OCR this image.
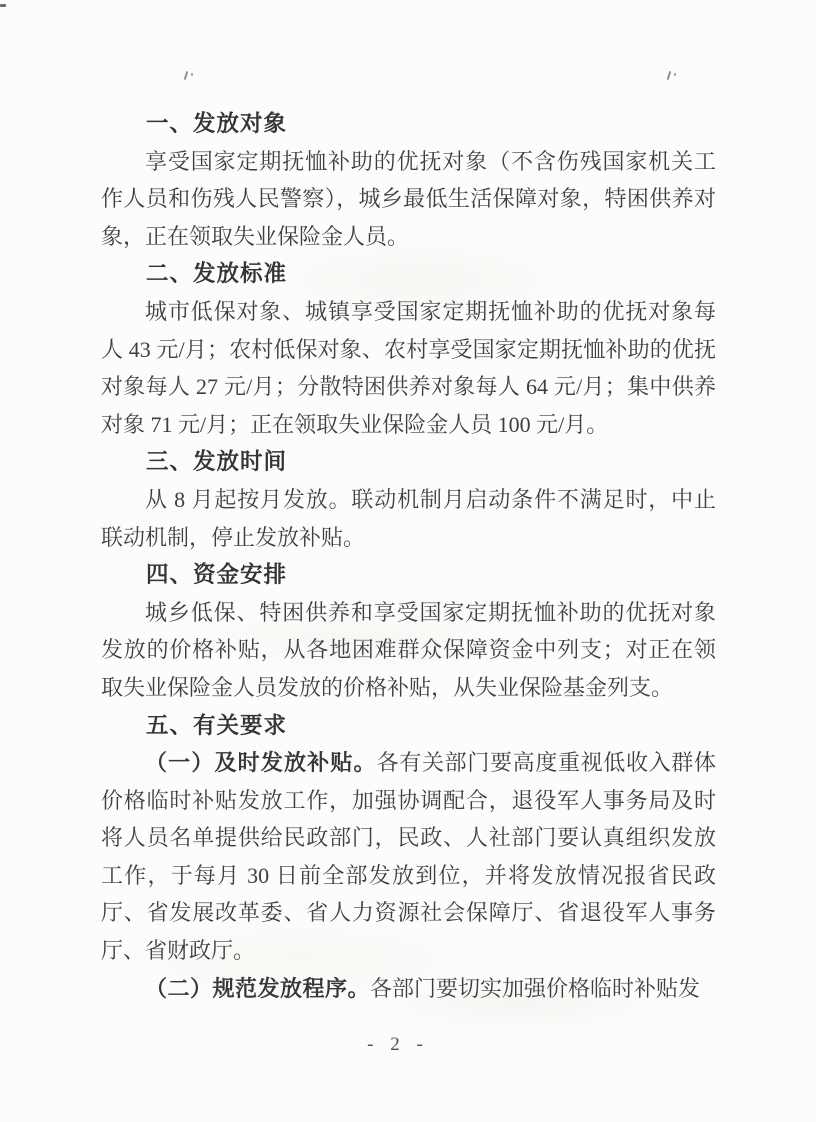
一、发放对象

享受国家定期抚恤补助的优抚对象（不含伤残国家机关工作人员和伤残人民警察），城乡最低生活保障对象，特困供养对象，正在领取失业保险金人员。

二、发放标准

城市低保对象、城镇享受国家定期抚恤补助的优抚对象每人 43 元/月；农村低保对象、农村享受国家定期抚恤补助的优抚对象每人 27 元/月；分散特困供养对象每人 64 元/月；集中供养对象 71 元/月；正在领取失业保险金人员 100 元/月。

三、发放时间

从 8 月起按月发放。联动机制月启动条件不满足时，中止联动机制，停止发放补贴。

四、资金安排

城乡低保、特困供养和享受国家定期抚恤补助的优抚对象发放的价格补贴，从各地困难群众保障资金中列支；对正在领取失业保险金人员发放的价格补贴，从失业保险基金列支。

五、有关要求

（一）及时发放补贴。各有关部门要高度重视低收入群体价格临时补贴发放工作，加强协调配合，退役军人事务局及时将人员名单提供给民政部门，民政、人社部门要认真组织发放工作，于每月 30 日前全部发放到位，并将发放情况报省民政厅、省发展改革委、省人力资源社会保障厅、省退役军人事务厅、省财政厅。

（二）规范发放程序。各部门要切实加强价格临时补贴发

- 2 -
